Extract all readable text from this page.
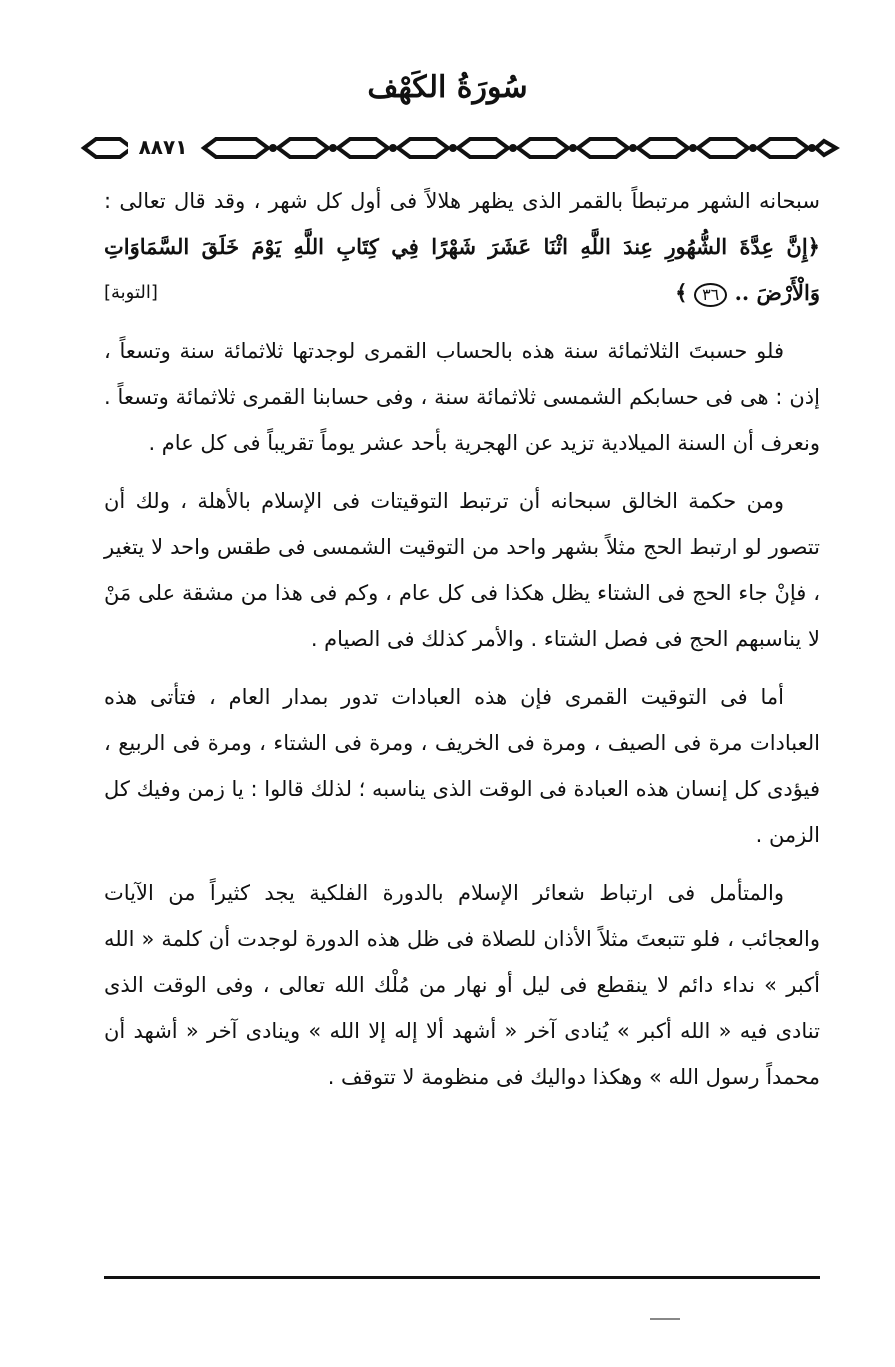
سُورَةُ الكَهْف
٨٨٧١

سبحانه الشهر مرتبطاً بالقمر الذى يظهر هلالاً فى أول كل شهر ، وقد قال تعالى : ﴿إِنَّ عِدَّةَ الشُّهُورِ عِندَ اللَّهِ اثْنَا عَشَرَ شَهْرًا فِي كِتَابِ اللَّهِ يَوْمَ خَلَقَ السَّمَاوَاتِ وَالْأَرْضَ .. ٣٦ ﴾
[التوبة]

فلو حسبتَ الثلاثمائة سنة هذه بالحساب القمرى لوجدتها ثلاثمائة سنة وتسعاً ، إذن : هى فى حسابكم الشمسى ثلاثمائة سنة ، وفى حسابنا القمرى ثلاثمائة وتسعاً . ونعرف أن السنة الميلادية تزيد عن الهجرية بأحد عشر يوماً تقريباً فى كل عام .

ومن حكمة الخالق سبحانه أن ترتبط التوقيتات فى الإسلام بالأهلة ، ولك أن تتصور لو ارتبط الحج مثلاً بشهر واحد من التوقيت الشمسى فى طقس واحد لا يتغير ، فإنْ جاء الحج فى الشتاء يظل هكذا فى كل عام ، وكم فى هذا من مشقة على مَنْ لا يناسبهم الحج فى فصل الشتاء . والأمر كذلك فى الصيام .

أما فى التوقيت القمرى فإن هذه العبادات تدور بمدار العام ، فتأتى هذه العبادات مرة فى الصيف ، ومرة فى الخريف ، ومرة فى الشتاء ، ومرة فى الربيع ، فيؤدى كل إنسان هذه العبادة فى الوقت الذى يناسبه ؛ لذلك قالوا : يا زمن وفيك كل الزمن .

والمتأمل فى ارتباط شعائر الإسلام بالدورة الفلكية يجد كثيراً من الآيات والعجائب ، فلو تتبعتَ مثلاً الأذان للصلاة فى ظل هذه الدورة لوجدت أن كلمة « الله أكبر » نداء دائم لا ينقطع فى ليل أو نهار من مُلْك الله تعالى ، وفى الوقت الذى تنادى فيه « الله أكبر » يُنادى آخر « أشهد ألا إله إلا الله » وينادى آخر « أشهد أن محمداً رسول الله » وهكذا دواليك فى منظومة لا تتوقف .
